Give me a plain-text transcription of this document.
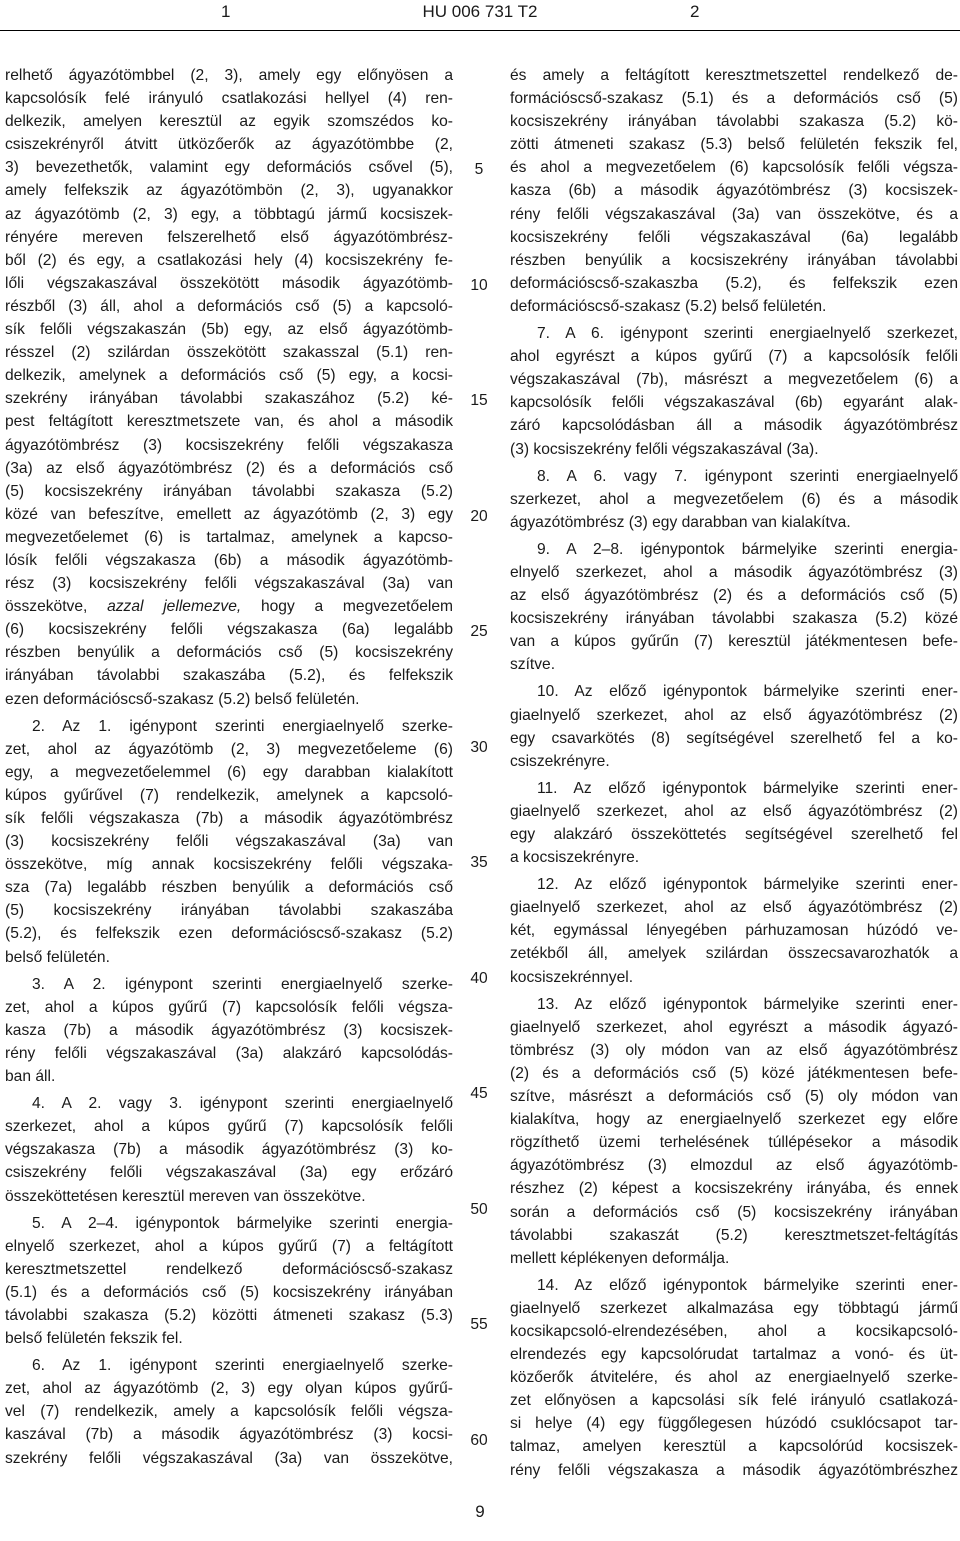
1	HU 006 731 T2	2

relhető ágyazótömbbel (2, 3), amely egy előnyösen a

kapcsolósík felé irányuló csatlakozási hellyel (4) ren-

delkezik, amelyen keresztül az egyik szomszédos ko-

csiszekrényről átvitt ütközőerők az ágyazótömbbe (2,

3) bevezethetők, valamint egy deformációs csővel (5),

amely felfekszik az ágyazótömbön (2, 3), ugyanakkor

az ágyazótömb (2, 3) egy, a többtagú jármű kocsiszek-

rényére mereven felszerelhető első ágyazótömbrész-

ből (2) és egy, a csatlakozási hely (4) kocsiszekrény fe-

lőli végszakaszával összekötött második ágyazótömb-

részből (3) áll, ahol a deformációs cső (5) a kapcsoló-

sík felőli végszakaszán (5b) egy, az első ágyazótömb-

résszel (2) szilárdan összekötött szakasszal (5.1) ren-

delkezik, amelynek a deformációs cső (5) egy, a kocsi-

szekrény irányában távolabbi szakaszához (5.2) ké-

pest feltágított keresztmetszete van, és ahol a második

ágyazótömbrész (3) kocsiszekrény felőli végszakasza

(3a) az első ágyazótömbrész (2) és a deformációs cső

(5) kocsiszekrény irányában távolabbi szakasza (5.2)

közé van befeszítve, emellett az ágyazótömb (2, 3) egy

megvezetőelemet (6) is tartalmaz, amelynek a kapcso-

lósík felőli végszakasza (6b) a második ágyazótömb-

rész (3) kocsiszekrény felőli végszakaszával (3a) van

összekötve, azzal jellemezve, hogy a megvezetőelem

(6) kocsiszekrény felőli végszakasza (6a) legalább

részben benyúlik a deformációs cső (5) kocsiszekrény

irányában távolabbi szakaszába (5.2), és felfekszik

ezen deformációscső-szakasz (5.2) belső felületén.

2. Az 1. igénypont szerinti energiaelnyelő szerke-

zet, ahol az ágyazótömb (2, 3) megvezetőeleme (6)

egy, a megvezetőelemmel (6) egy darabban kialakított

kúpos gyűrűvel (7) rendelkezik, amelynek a kapcsoló-

sík felőli végszakasza (7b) a második ágyazótömbrész

(3) kocsiszekrény felőli végszakaszával (3a) van

összekötve, míg annak kocsiszekrény felőli végszaka-

sza (7a) legalább részben benyúlik a deformációs cső

(5) kocsiszekrény irányában távolabbi szakaszába

(5.2), és felfekszik ezen deformációscső-szakasz (5.2)

belső felületén.

3. A 2. igénypont szerinti energiaelnyelő szerke-

zet, ahol a kúpos gyűrű (7) kapcsolósík felőli végsza-

kasza (7b) a második ágyazótömbrész (3) kocsiszek-

rény felőli végszakaszával (3a) alakzáró kapcsolódás-

ban áll.

4. A 2. vagy 3. igénypont szerinti energiaelnyelő

szerkezet, ahol a kúpos gyűrű (7) kapcsolósík felőli

végszakasza (7b) a második ágyazótömbrész (3) ko-

csiszekrény felőli végszakaszával (3a) egy erőzáró

összeköttetésen keresztül mereven van összekötve.

5. A 2–4. igénypontok bármelyike szerinti energia-

elnyelő szerkezet, ahol a kúpos gyűrű (7) a feltágított

keresztmetszettel rendelkező deformációscső-szakasz

(5.1) és a deformációs cső (5) kocsiszekrény irányában

távolabbi szakasza (5.2) közötti átmeneti szakasz (5.3)

belső felületén fekszik fel.

6. Az 1. igénypont szerinti energiaelnyelő szerke-

zet, ahol az ágyazótömb (2, 3) egy olyan kúpos gyűrű-

vel (7) rendelkezik, amely a kapcsolósík felőli végsza-

kaszával (7b) a második ágyazótömbrész (3) kocsi-

szekrény felőli végszakaszával (3a) van összekötve,

5
10
15
20
25
30
35
40
45
50
55
60

és amely a feltágított keresztmetszettel rendelkező de-

formációscső-szakasz (5.1) és a deformációs cső (5)

kocsiszekrény irányában távolabbi szakasza (5.2) kö-

zötti átmeneti szakasz (5.3) belső felületén fekszik fel,

és ahol a megvezetőelem (6) kapcsolósík felőli végsza-

kasza (6b) a második ágyazótömbrész (3) kocsiszek-

rény felőli végszakaszával (3a) van összekötve, és a

kocsiszekrény felőli végszakaszával (6a) legalább

részben benyúlik a kocsiszekrény irányában távolabbi

deformációscső-szakaszba (5.2), és felfekszik ezen

deformációscső-szakasz (5.2) belső felületén.

7. A 6. igénypont szerinti energiaelnyelő szerkezet,

ahol egyrészt a kúpos gyűrű (7) a kapcsolósík felőli

végszakaszával (7b), másrészt a megvezetőelem (6) a

kapcsolósík felőli végszakaszával (6b) egyaránt alak-

záró kapcsolódásban áll a második ágyazótömbrész

(3) kocsiszekrény felőli végszakaszával (3a).

8. A 6. vagy 7. igénypont szerinti energiaelnyelő

szerkezet, ahol a megvezetőelem (6) és a második

ágyazótömbrész (3) egy darabban van kialakítva.

9. A 2–8. igénypontok bármelyike szerinti energia-

elnyelő szerkezet, ahol a második ágyazótömbrész (3)

az első ágyazótömbrész (2) és a deformációs cső (5)

kocsiszekrény irányában távolabbi szakasza (5.2) közé

van a kúpos gyűrűn (7) keresztül játékmentesen befe-

szítve.

10. Az előző igénypontok bármelyike szerinti ener-

giaelnyelő szerkezet, ahol az első ágyazótömbrész (2)

egy csavarkötés (8) segítségével szerelhető fel a ko-

csiszekrényre.

11. Az előző igénypontok bármelyike szerinti ener-

giaelnyelő szerkezet, ahol az első ágyazótömbrész (2)

egy alakzáró összeköttetés segítségével szerelhető fel

a kocsiszekrényre.

12. Az előző igénypontok bármelyike szerinti ener-

giaelnyelő szerkezet, ahol az első ágyazótömbrész (2)

két, egymással lényegében párhuzamosan húzódó ve-

zetékből áll, amelyek szilárdan összecsavarozhatók a

kocsiszekrénnyel.

13. Az előző igénypontok bármelyike szerinti ener-

giaelnyelő szerkezet, ahol egyrészt a második ágyazó-

tömbrész (3) oly módon van az első ágyazótömbrész

(2) és a deformációs cső (5) közé játékmentesen befe-

szítve, másrészt a deformációs cső (5) oly módon van

kialakítva, hogy az energiaelnyelő szerkezet egy előre

rögzíthető üzemi terhelésének túllépésekor a második

ágyazótömbrész (3) elmozdul az első ágyazótömb-

részhez (2) képest a kocsiszekrény irányába, és ennek

során a deformációs cső (5) kocsiszekrény irányában

távolabbi szakaszát (5.2) keresztmetszet-feltágítás

mellett képlékenyen deformálja.

14. Az előző igénypontok bármelyike szerinti ener-

giaelnyelő szerkezet alkalmazása egy többtagú jármű

kocsikapcsoló-elrendezésében, ahol a kocsikapcsoló-

elrendezés egy kapcsolórudat tartalmaz a vonó- és üt-

közőerők átvitelére, és ahol az energiaelnyelő szerke-

zet előnyösen a kapcsolási sík felé irányuló csatlakozá-

si helye (4) egy függőlegesen húzódó csuklócsapot tar-

talmaz, amelyen keresztül a kapcsolórúd kocsiszek-

rény felőli végszakasza a második ágyazótömbrészhez

9
